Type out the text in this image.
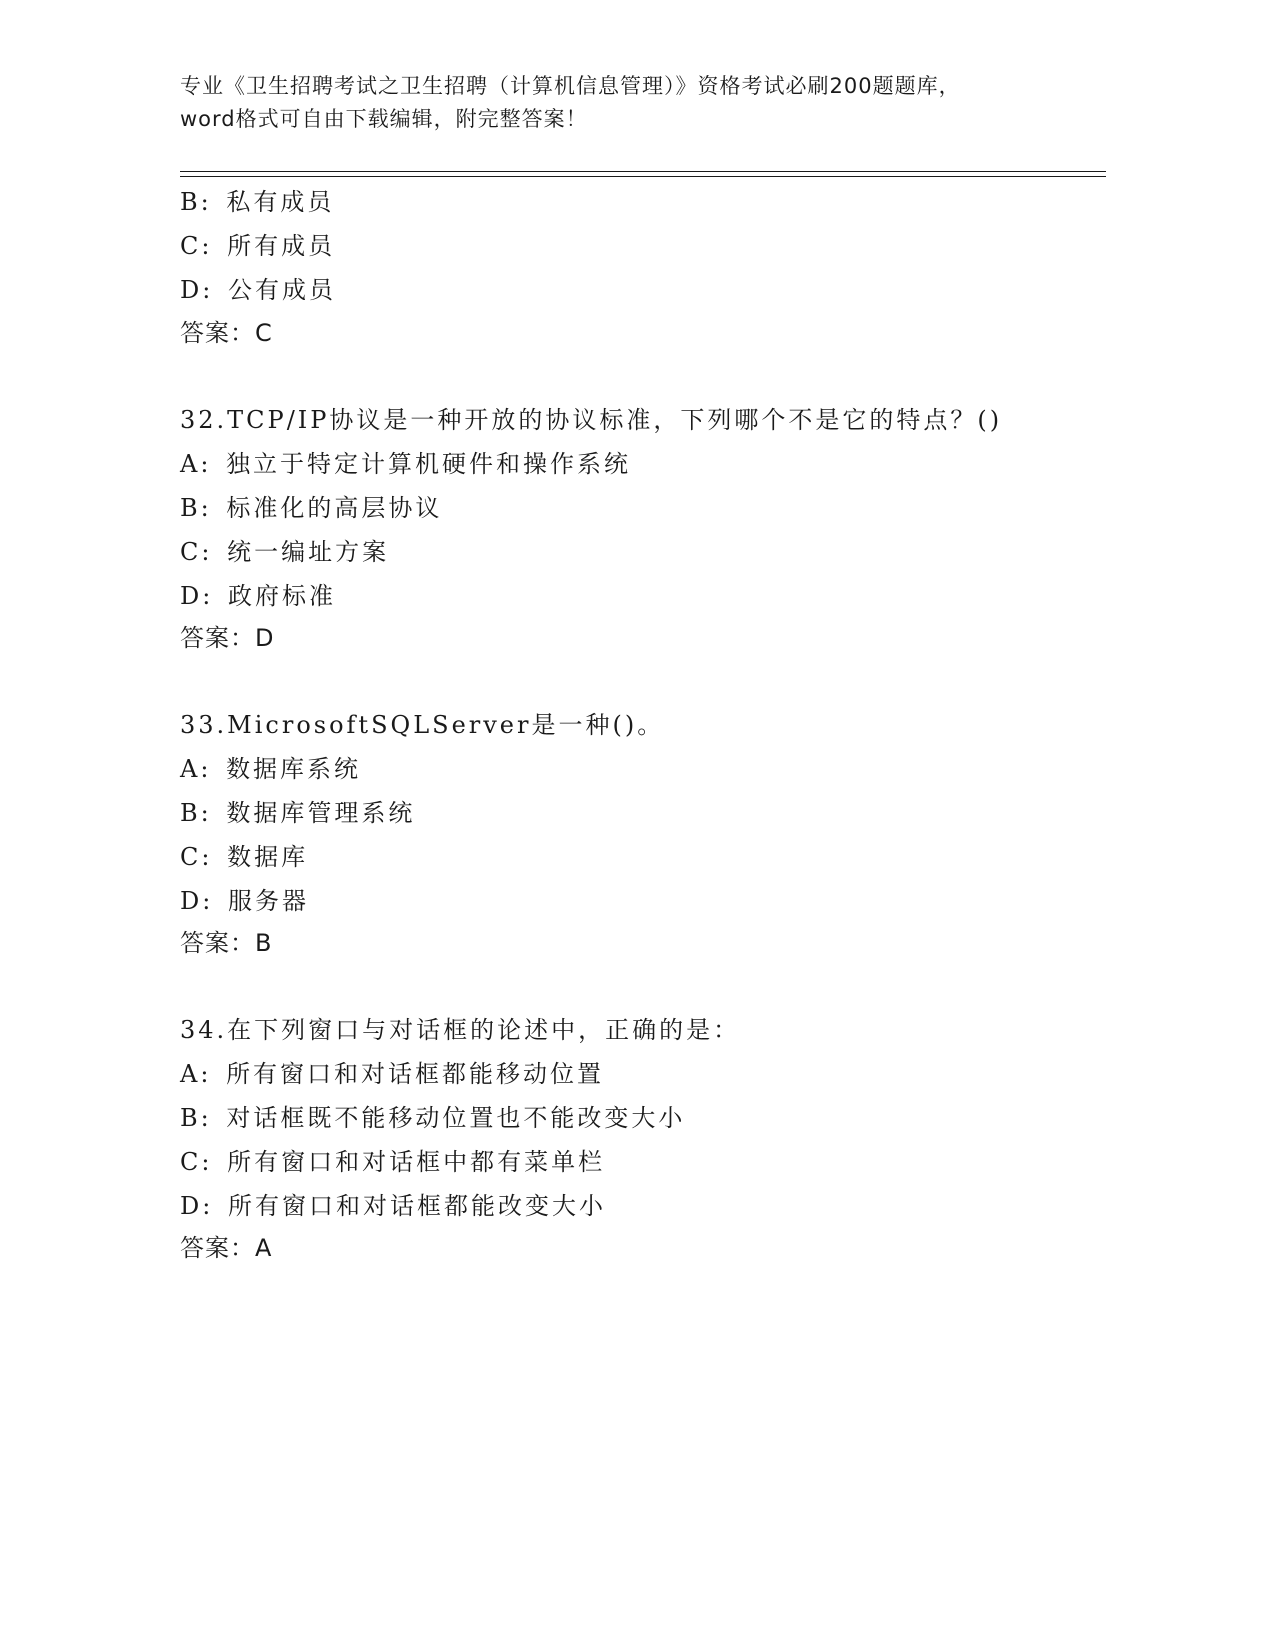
专业《卫生招聘考试之卫生招聘（计算机信息管理）》资格考试必刷200题题库，
word格式可自由下载编辑，附完整答案！
B: 私有成员
C: 所有成员
D: 公有成员
答案：C
32.TCP/IP协议是一种开放的协议标准，下列哪个不是它的特点？()
A: 独立于特定计算机硬件和操作系统
B: 标准化的高层协议
C: 统一编址方案
D: 政府标准
答案：D
33.MicrosoftSQLServer是一种()。
A: 数据库系统
B: 数据库管理系统
C: 数据库
D: 服务器
答案：B
34.在下列窗口与对话框的论述中，正确的是：
A: 所有窗口和对话框都能移动位置
B: 对话框既不能移动位置也不能改变大小
C: 所有窗口和对话框中都有菜单栏
D: 所有窗口和对话框都能改变大小
答案：A
